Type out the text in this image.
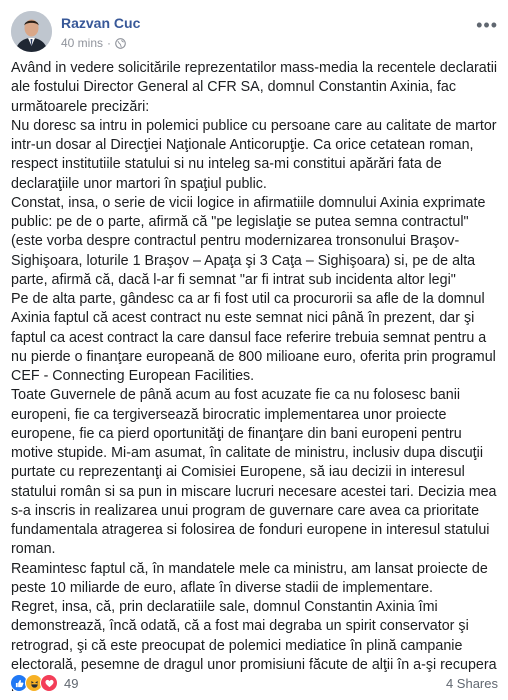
Razvan Cuc
40 mins ·
•••

Având in vedere solicitările reprezentatilor mass-media la recentele declaratii ale fostului Director General al CFR SA, domnul Constantin Axinia, fac următoarele precizări:

Nu doresc sa intru in polemici publice cu persoane care au calitate de martor intr-un dosar al Direcţiei Naţionale Anticorupţie. Ca orice cetatean roman, respect institutiile statului si nu inteleg sa-mi constitui apărări fata de declaraţiile unor martori în spaţiul public.

Constat, insa, o serie de vicii logice in afirmatiile domnului Axinia exprimate public: pe de o parte, afirmă că "pe legislaţie se putea semna contractul" (este vorba despre contractul pentru modernizarea tronsonului Braşov- Sighişoara, loturile 1 Braşov – Apaţa şi 3 Caţa – Sighişoara) si, pe de alta parte, afirmă că, dacă l-ar fi semnat "ar fi intrat sub incidenta altor legi"

Pe de alta parte, gândesc ca ar fi fost util ca procurorii sa afle de la domnul Axinia faptul că acest contract nu este semnat nici până în prezent, dar şi faptul ca acest contract la care dansul face referire trebuia semnat pentru a nu pierde o finanţare europeană de 800 milioane euro, oferita prin programul CEF - Connecting European Facilities.

Toate Guvernele de până acum au fost acuzate fie ca nu folosesc banii europeni, fie ca tergiversează birocratic implementarea unor proiecte europene, fie ca pierd oportunităţi de finanţare din bani europeni pentru motive stupide. Mi-am asumat, în calitate de ministru, inclusiv dupa discuţii purtate cu reprezentanţi ai Comisiei Europene, să iau decizii in interesul statului român si sa pun in miscare lucruri necesare acestei tari. Decizia mea s-a inscris in realizarea unui program de guvernare care avea ca prioritate fundamentala atragerea si folosirea de fonduri europene in interesul statului roman.

Reamintesc faptul că, în mandatele mele ca ministru, am lansat proiecte de peste 10 miliarde de euro, aflate în diverse stadii de implementare.

Regret, insa, că, prin declaratiile sale, domnul Constantin Axinia îmi demonstrează, încă odată, că a fost mai degraba un spirit conservator şi retrograd, şi că este preocupat de polemici mediatice în plină campanie electorală, pesemne de dragul unor promisiuni făcute de alţii în a-şi recupera

49	4 Shares
